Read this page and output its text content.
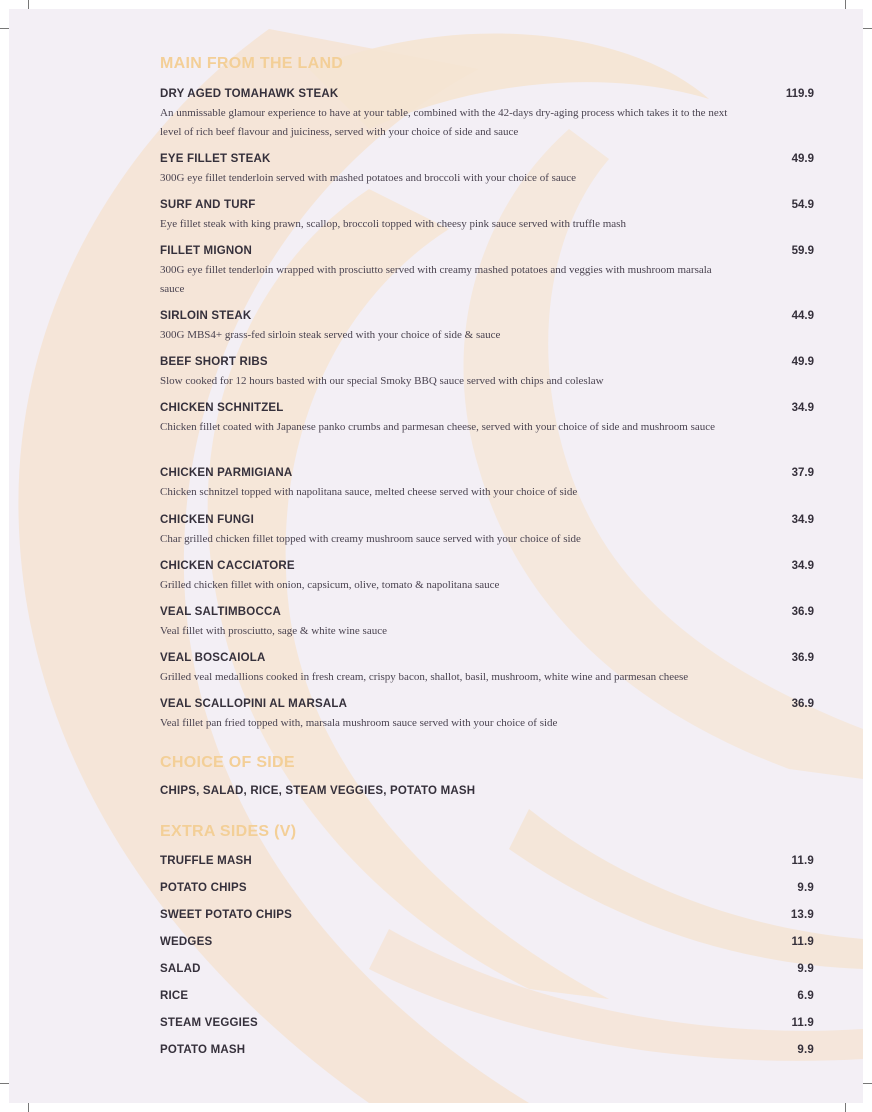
MAIN FROM THE LAND
DRY AGED TOMAHAWK STEAK	119.9
An unmissable glamour experience to have at your table, combined with the 42-days dry-aging process which takes it to the next level of rich beef flavour and juiciness, served with your choice of side and sauce
EYE FILLET STEAK	49.9
300G eye fillet tenderloin served with mashed potatoes and broccoli with your choice of sauce
SURF AND TURF	54.9
Eye fillet steak with king prawn, scallop, broccoli topped with cheesy pink sauce served with truffle mash
FILLET MIGNON	59.9
300G eye fillet tenderloin wrapped with prosciutto served with creamy mashed potatoes and veggies with mushroom marsala sauce
SIRLOIN STEAK	44.9
300G MBS4+ grass-fed sirloin steak served with your choice of side & sauce
BEEF SHORT RIBS	49.9
Slow cooked for 12 hours basted with our special Smoky BBQ sauce served with chips and coleslaw
CHICKEN SCHNITZEL	34.9
Chicken fillet coated with Japanese panko crumbs and parmesan cheese, served with your choice of side and mushroom sauce
CHICKEN PARMIGIANA	37.9
Chicken schnitzel topped with napolitana sauce, melted cheese served with your choice of side
CHICKEN FUNGI	34.9
Char grilled chicken fillet topped with creamy mushroom sauce served with your choice of side
CHICKEN CACCIATORE	34.9
Grilled chicken fillet with onion, capsicum, olive, tomato & napolitana sauce
VEAL SALTIMBOCCA	36.9
Veal fillet with prosciutto, sage & white wine sauce
VEAL BOSCAIOLA	36.9
Grilled veal medallions cooked in fresh cream, crispy bacon, shallot, basil, mushroom, white wine and parmesan cheese
VEAL SCALLOPINI AL MARSALA	36.9
Veal fillet pan fried topped with, marsala mushroom sauce served with your choice of side
CHOICE OF SIDE
CHIPS, SALAD, RICE, STEAM VEGGIES, POTATO MASH
EXTRA SIDES (V)
TRUFFLE MASH	11.9
POTATO CHIPS	9.9
SWEET POTATO CHIPS	13.9
WEDGES	11.9
SALAD	9.9
RICE	6.9
STEAM VEGGIES	11.9
POTATO MASH	9.9
